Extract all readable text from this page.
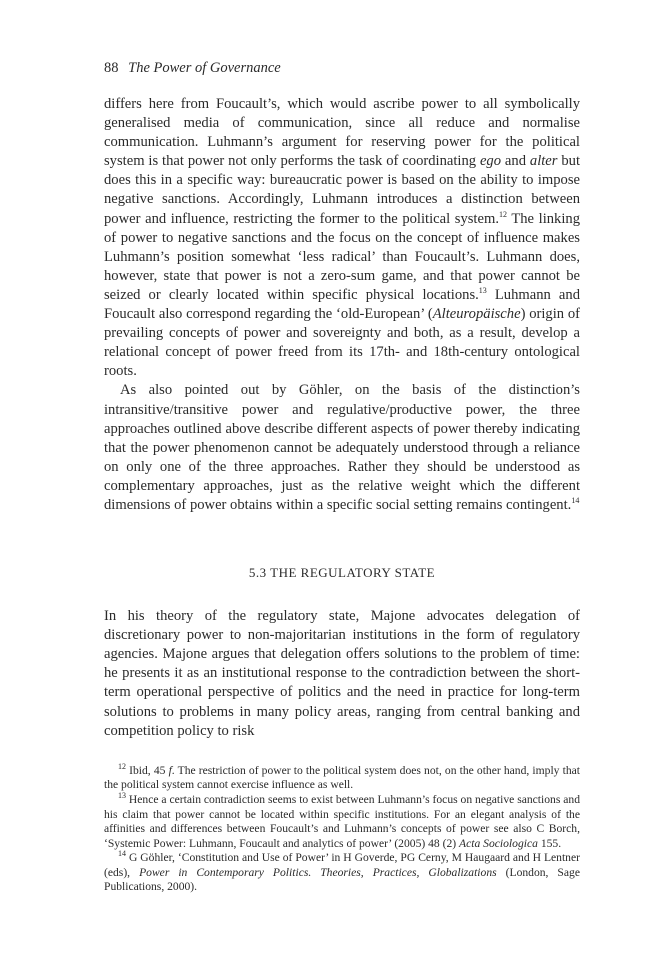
88 The Power of Governance

differs here from Foucault’s, which would ascribe power to all symbolically generalised media of communication, since all reduce and normalise communication. Luhmann’s argument for reserving power for the political system is that power not only performs the task of coordinating ego and alter but does this in a specific way: bureaucratic power is based on the ability to impose negative sanctions. Accordingly, Luhmann introduces a distinction between power and influence, restricting the former to the political system.$^{12}$ The linking of power to negative sanctions and the focus on the concept of influence makes Luhmann’s position somewhat ‘less radical’ than Foucault’s. Luhmann does, however, state that power is not a zero-sum game, and that power cannot be seized or clearly located within specific physical locations.$^{13}$ Luhmann and Foucault also correspond regarding the ‘old-European’ (Alteuropäische) origin of prevailing concepts of power and sovereignty and both, as a result, develop a relational concept of power freed from its 17th- and 18th-century ontological roots.

As also pointed out by Göhler, on the basis of the distinction’s intransitive/transitive power and regulative/productive power, the three approaches outlined above describe different aspects of power thereby indicating that the power phenomenon cannot be adequately understood through a reliance on only one of the three approaches. Rather they should be understood as complementary approaches, just as the relative weight which the different dimensions of power obtains within a specific social setting remains contingent.$^{14}$

5.3 THE REGULATORY STATE

In his theory of the regulatory state, Majone advocates delegation of discretionary power to non-majoritarian institutions in the form of regulatory agencies. Majone argues that delegation offers solutions to the problem of time: he presents it as an institutional response to the contradiction between the short-term operational perspective of politics and the need in practice for long-term solutions to problems in many policy areas, ranging from central banking and competition policy to risk

$^{12}$ Ibid, 45 f. The restriction of power to the political system does not, on the other hand, imply that the political system cannot exercise influence as well.

$^{13}$ Hence a certain contradiction seems to exist between Luhmann’s focus on negative sanctions and his claim that power cannot be located within specific institutions. For an elegant analysis of the affinities and differences between Foucault’s and Luhmann’s concepts of power see also C Borch, ‘Systemic Power: Luhmann, Foucault and analytics of power’ (2005) 48 (2) Acta Sociologica 155.

$^{14}$ G Göhler, ‘Constitution and Use of Power’ in H Goverde, PG Cerny, M Haugaard and H Lentner (eds), Power in Contemporary Politics. Theories, Practices, Globalizations (London, Sage Publications, 2000).
